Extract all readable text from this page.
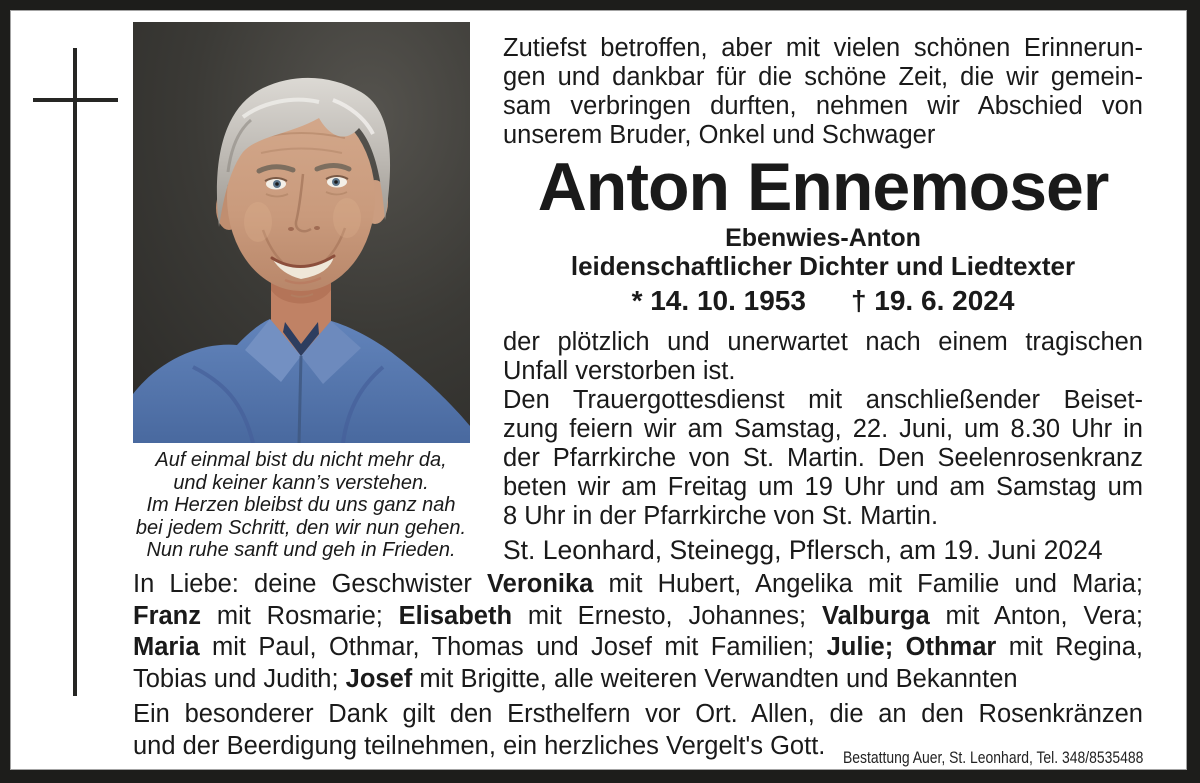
Auf einmal bist du nicht mehr da,
und keiner kann’s verstehen.
Im Herzen bleibst du uns ganz nah
bei jedem Schritt, den wir nun gehen.
Nun ruhe sanft und geh in Frieden.
Zutiefst betroffen, aber mit vielen schönen Erinnerun-
gen und dankbar für die schöne Zeit, die wir gemein-
sam verbringen durften, nehmen wir Abschied von
unserem Bruder, Onkel und Schwager
Anton Ennemoser
Ebenwies-Anton
leidenschaftlicher Dichter und Liedtexter
* 14. 10. 1953 † 19. 6. 2024
der plötzlich und unerwartet nach einem tragischen
Unfall verstorben ist.
Den Trauergottesdienst mit anschließender Beiset-
zung feiern wir am Samstag, 22. Juni, um 8.30 Uhr in
der Pfarrkirche von St. Martin. Den Seelenrosenkranz
beten wir am Freitag um 19 Uhr und am Samstag um
8 Uhr in der Pfarrkirche von St. Martin.
St. Leonhard, Steinegg, Pflersch, am 19. Juni 2024
In Liebe: deine Geschwister Veronika mit Hubert, Angelika mit Familie und Maria;
Franz mit Rosmarie; Elisabeth mit Ernesto, Johannes; Valburga mit Anton, Vera;
Maria mit Paul, Othmar, Thomas und Josef mit Familien; Julie; Othmar mit Regina,
Tobias und Judith; Josef mit Brigitte, alle weiteren Verwandten und Bekannten
Ein besonderer Dank gilt den Ersthelfern vor Ort. Allen, die an den Rosenkränzen
und der Beerdigung teilnehmen, ein herzliches Vergelt's Gott.	Bestattung Auer, St. Leonhard, Tel. 348/8535488
